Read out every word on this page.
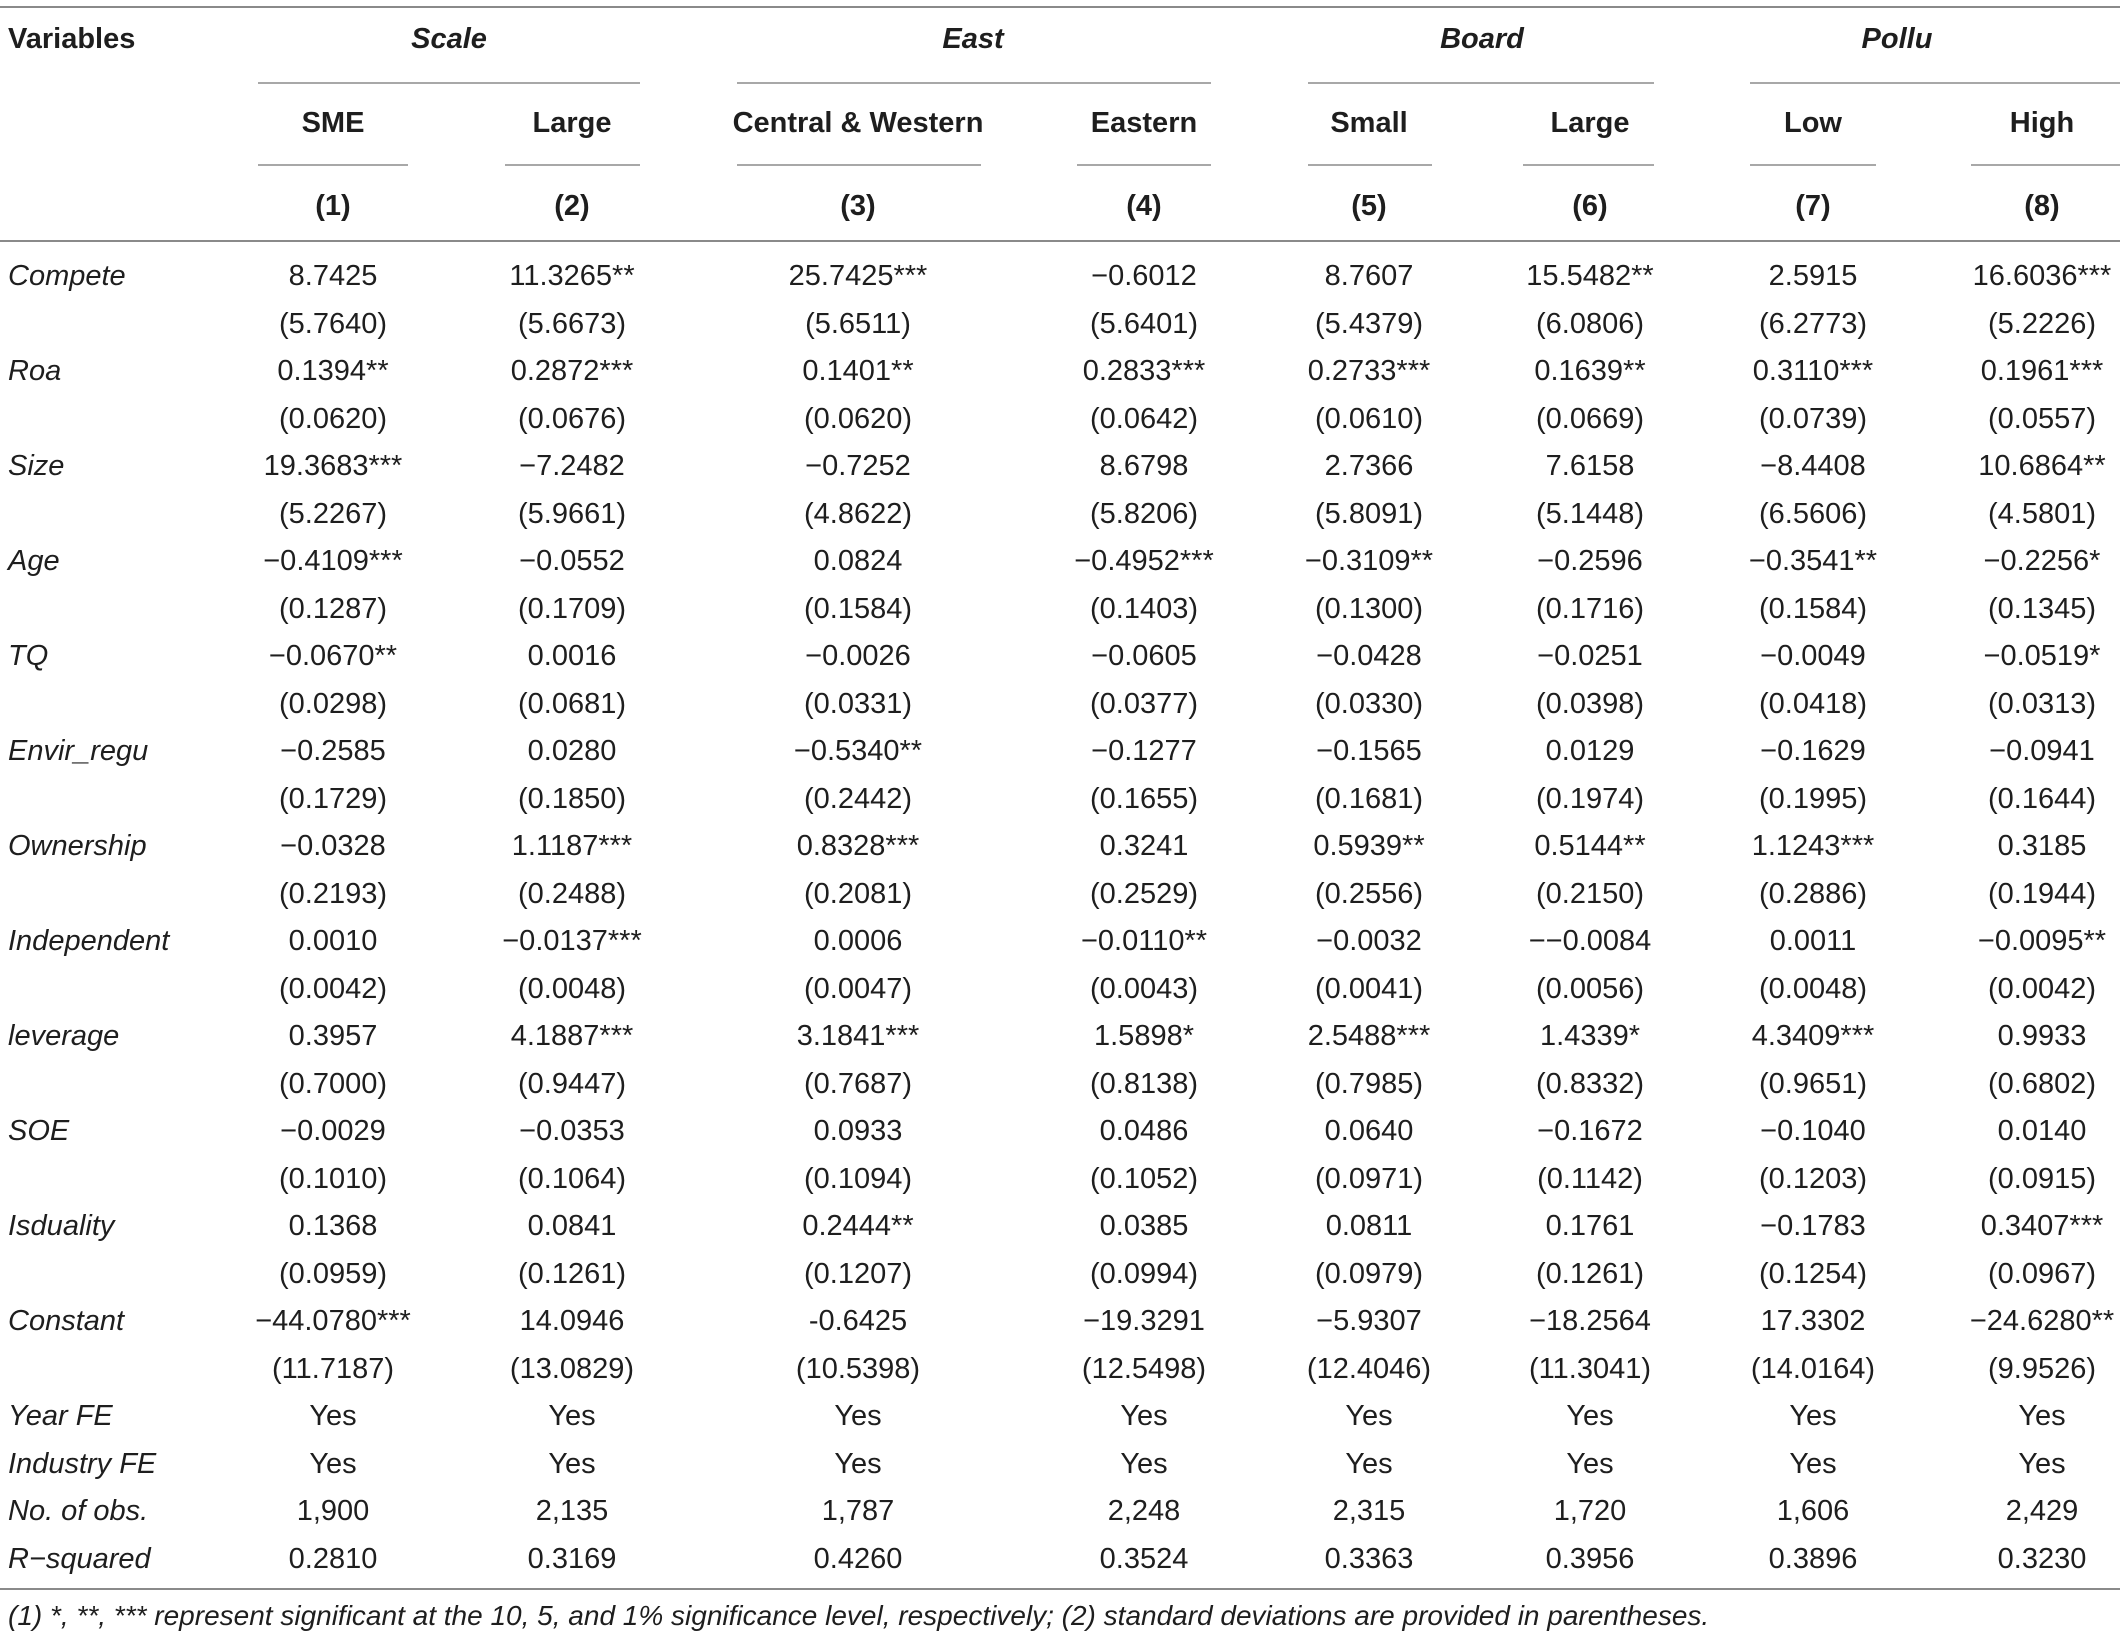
Variables	Scale	East	Board	Pollu
SME	Large	Central & Western	Eastern	Small	Large	Low	High
(1)	(2)	(3)	(4)	(5)	(6)	(7)	(8)
Compete	8.7425	11.3265**	25.7425***	−0.6012	8.7607	15.5482**	2.5915	16.6036***
(5.7640)	(5.6673)	(5.6511)	(5.6401)	(5.4379)	(6.0806)	(6.2773)	(5.2226)
Roa	0.1394**	0.2872***	0.1401**	0.2833***	0.2733***	0.1639**	0.3110***	0.1961***
(0.0620)	(0.0676)	(0.0620)	(0.0642)	(0.0610)	(0.0669)	(0.0739)	(0.0557)
Size	19.3683***	−7.2482	−0.7252	8.6798	2.7366	7.6158	−8.4408	10.6864**
(5.2267)	(5.9661)	(4.8622)	(5.8206)	(5.8091)	(5.1448)	(6.5606)	(4.5801)
Age	−0.4109***	−0.0552	0.0824	−0.4952***	−0.3109**	−0.2596	−0.3541**	−0.2256*
(0.1287)	(0.1709)	(0.1584)	(0.1403)	(0.1300)	(0.1716)	(0.1584)	(0.1345)
TQ	−0.0670**	0.0016	−0.0026	−0.0605	−0.0428	−0.0251	−0.0049	−0.0519*
(0.0298)	(0.0681)	(0.0331)	(0.0377)	(0.0330)	(0.0398)	(0.0418)	(0.0313)
Envir_regu	−0.2585	0.0280	−0.5340**	−0.1277	−0.1565	0.0129	−0.1629	−0.0941
(0.1729)	(0.1850)	(0.2442)	(0.1655)	(0.1681)	(0.1974)	(0.1995)	(0.1644)
Ownership	−0.0328	1.1187***	0.8328***	0.3241	0.5939**	0.5144**	1.1243***	0.3185
(0.2193)	(0.2488)	(0.2081)	(0.2529)	(0.2556)	(0.2150)	(0.2886)	(0.1944)
Independent	0.0010	−0.0137***	0.0006	−0.0110**	−0.0032	−−0.0084	0.0011	−0.0095**
(0.0042)	(0.0048)	(0.0047)	(0.0043)	(0.0041)	(0.0056)	(0.0048)	(0.0042)
leverage	0.3957	4.1887***	3.1841***	1.5898*	2.5488***	1.4339*	4.3409***	0.9933
(0.7000)	(0.9447)	(0.7687)	(0.8138)	(0.7985)	(0.8332)	(0.9651)	(0.6802)
SOE	−0.0029	−0.0353	0.0933	0.0486	0.0640	−0.1672	−0.1040	0.0140
(0.1010)	(0.1064)	(0.1094)	(0.1052)	(0.0971)	(0.1142)	(0.1203)	(0.0915)
Isduality	0.1368	0.0841	0.2444**	0.0385	0.0811	0.1761	−0.1783	0.3407***
(0.0959)	(0.1261)	(0.1207)	(0.0994)	(0.0979)	(0.1261)	(0.1254)	(0.0967)
Constant	−44.0780***	14.0946	-0.6425	−19.3291	−5.9307	−18.2564	17.3302	−24.6280**
(11.7187)	(13.0829)	(10.5398)	(12.5498)	(12.4046)	(11.3041)	(14.0164)	(9.9526)
Year FE	Yes	Yes	Yes	Yes	Yes	Yes	Yes	Yes
Industry FE	Yes	Yes	Yes	Yes	Yes	Yes	Yes	Yes
No. of obs.	1,900	2,135	1,787	2,248	2,315	1,720	1,606	2,429
R−squared	0.2810	0.3169	0.4260	0.3524	0.3363	0.3956	0.3896	0.3230
(1) *, **, *** represent significant at the 10, 5, and 1% significance level, respectively; (2) standard deviations are provided in parentheses.
